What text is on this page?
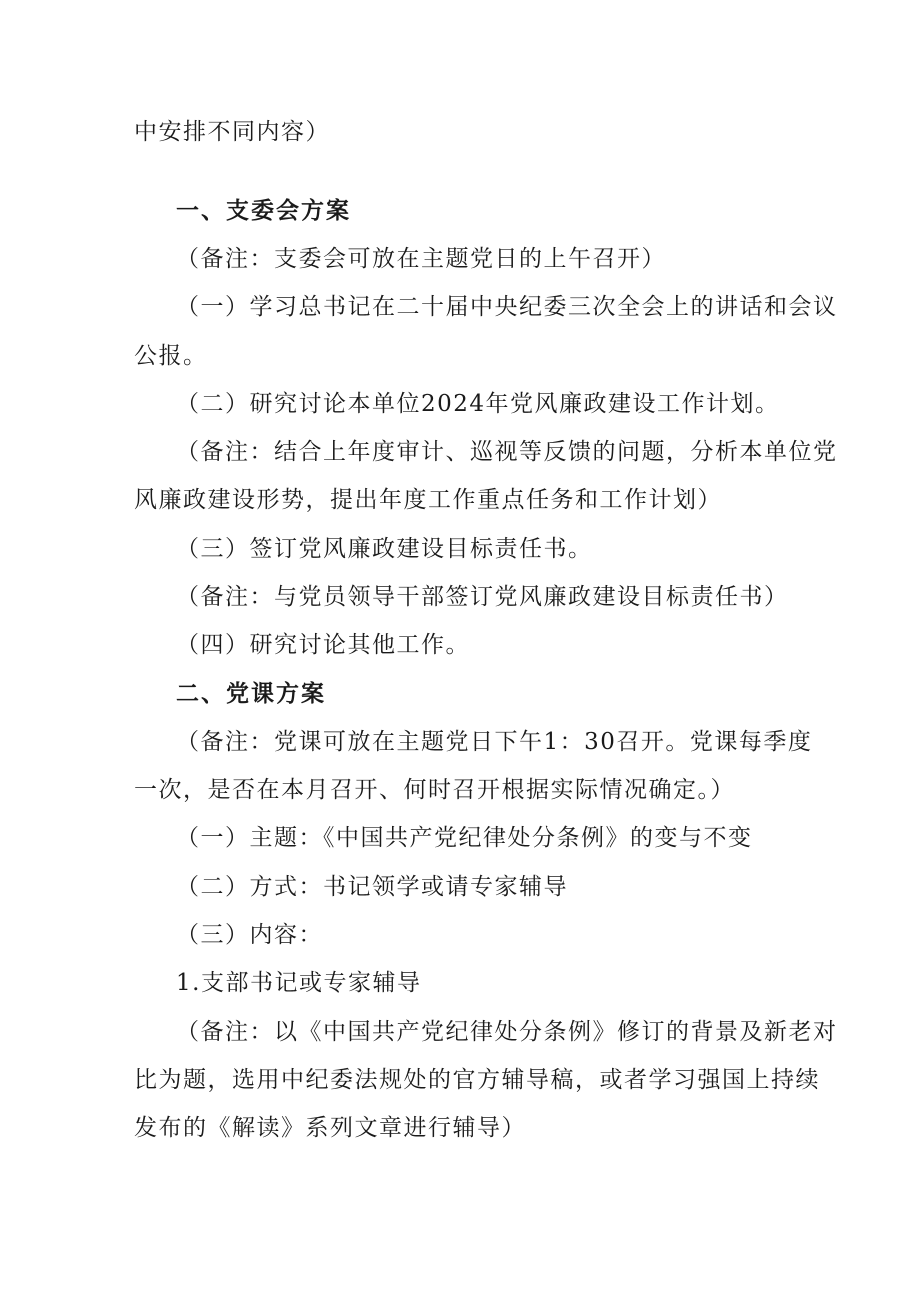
中安排不同内容）

一、支委会方案

（备注：支委会可放在主题党日的上午召开）

（一）学习总书记在二十届中央纪委三次全会上的讲话和会议

公报。

（二）研究讨论本单位2024年党风廉政建设工作计划。

（备注：结合上年度审计、巡视等反馈的问题，分析本单位党

风廉政建设形势，提出年度工作重点任务和工作计划）

（三）签订党风廉政建设目标责任书。

（备注：与党员领导干部签订党风廉政建设目标责任书）

（四）研究讨论其他工作。

二、党课方案

（备注：党课可放在主题党日下午1：30召开。党课每季度

一次，是否在本月召开、何时召开根据实际情况确定。）

（一）主题：《中国共产党纪律处分条例》的变与不变

（二）方式：书记领学或请专家辅导

（三）内容：

1.支部书记或专家辅导

（备注：以《中国共产党纪律处分条例》修订的背景及新老对

比为题，选用中纪委法规处的官方辅导稿，或者学习强国上持续

发布的《解读》系列文章进行辅导）
